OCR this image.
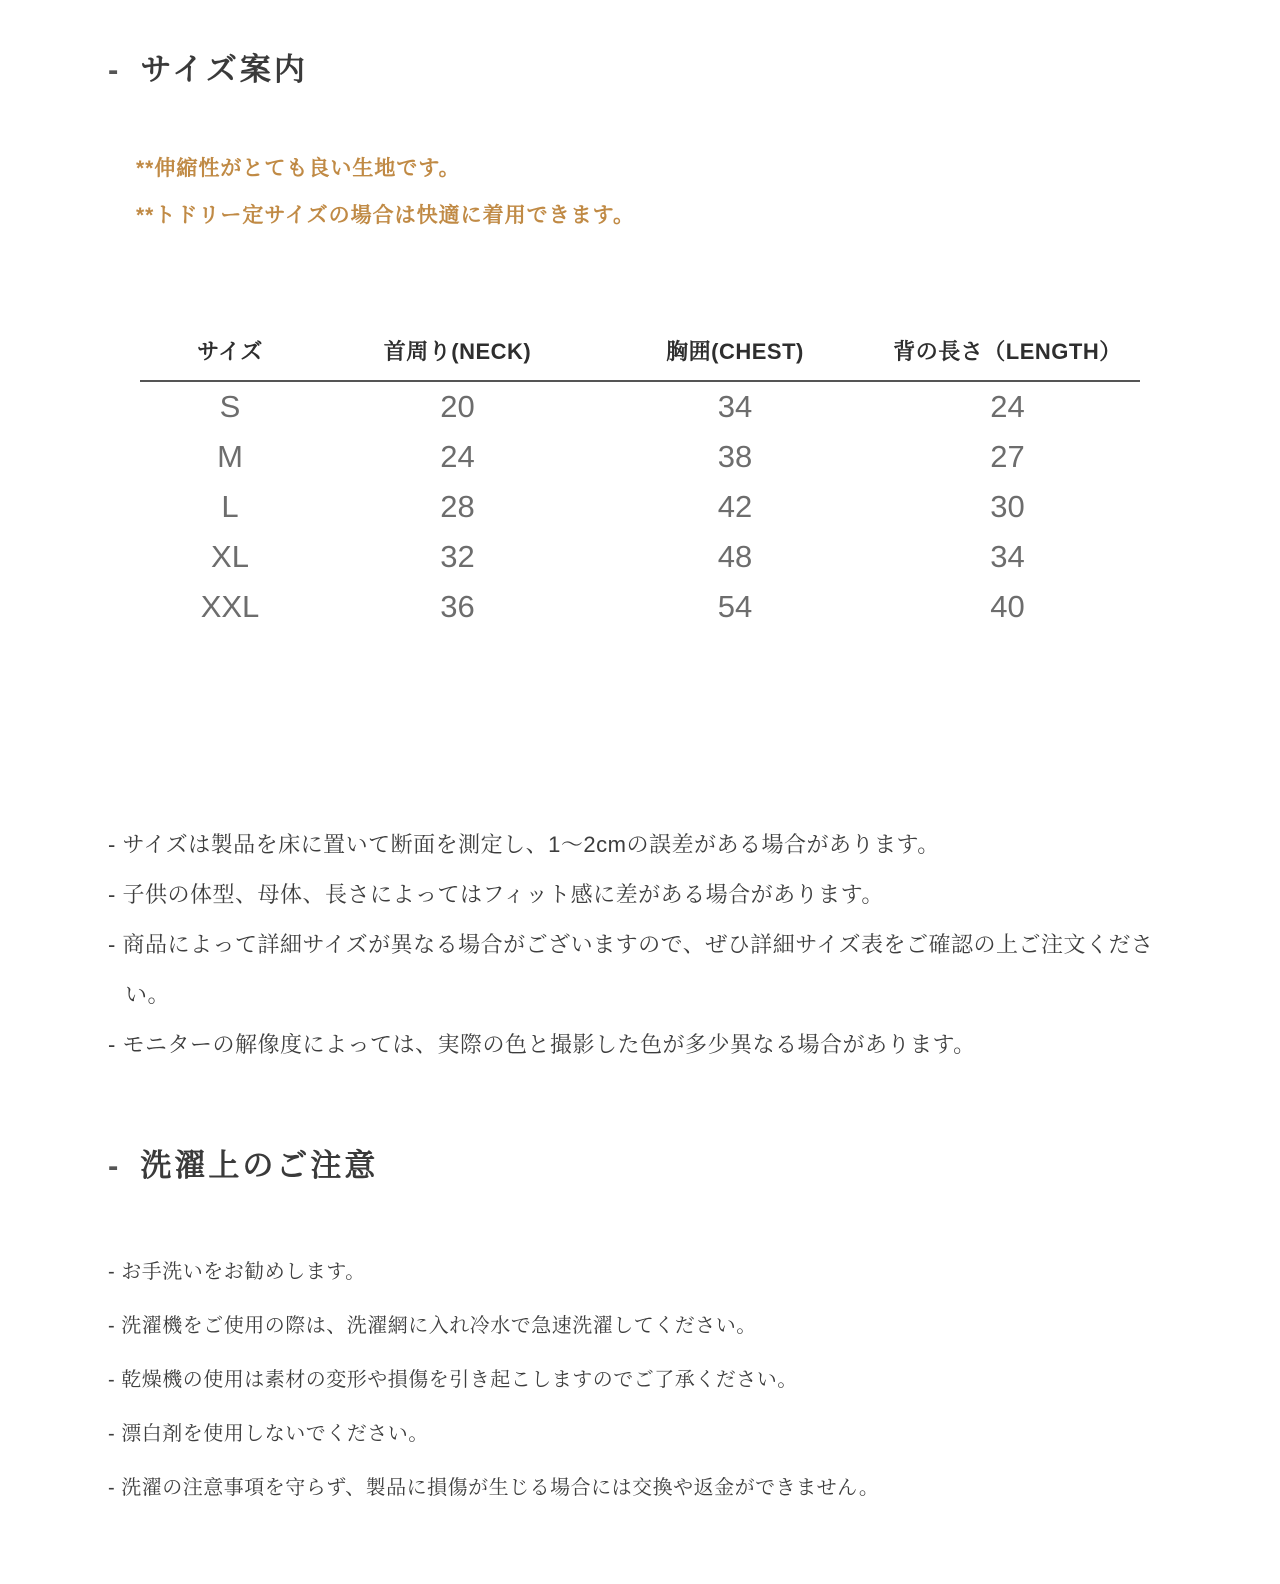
- サイズ案内
**伸縮性がとても良い生地です。
**トドリー定サイズの場合は快適に着用できます。
サイズ	首周り(NECK)	胸囲(CHEST)	背の長さ（LENGTH）
S	20	34	24
M	24	38	27
L	28	42	30
XL	32	48	34
XXL	36	54	40
- サイズは製品を床に置いて断面を測定し、1〜2cmの誤差がある場合があります。
- 子供の体型、母体、長さによってはフィット感に差がある場合があります。
- 商品によって詳細サイズが異なる場合がございますので、ぜひ詳細サイズ表をご確認の上ご注文ください。
- モニターの解像度によっては、実際の色と撮影した色が多少異なる場合があります。
- 洗濯上のご注意
- お手洗いをお勧めします。
- 洗濯機をご使用の際は、洗濯網に入れ冷水で急速洗濯してください。
- 乾燥機の使用は素材の変形や損傷を引き起こしますのでご了承ください。
- 漂白剤を使用しないでください。
- 洗濯の注意事項を守らず、製品に損傷が生じる場合には交換や返金ができません。
